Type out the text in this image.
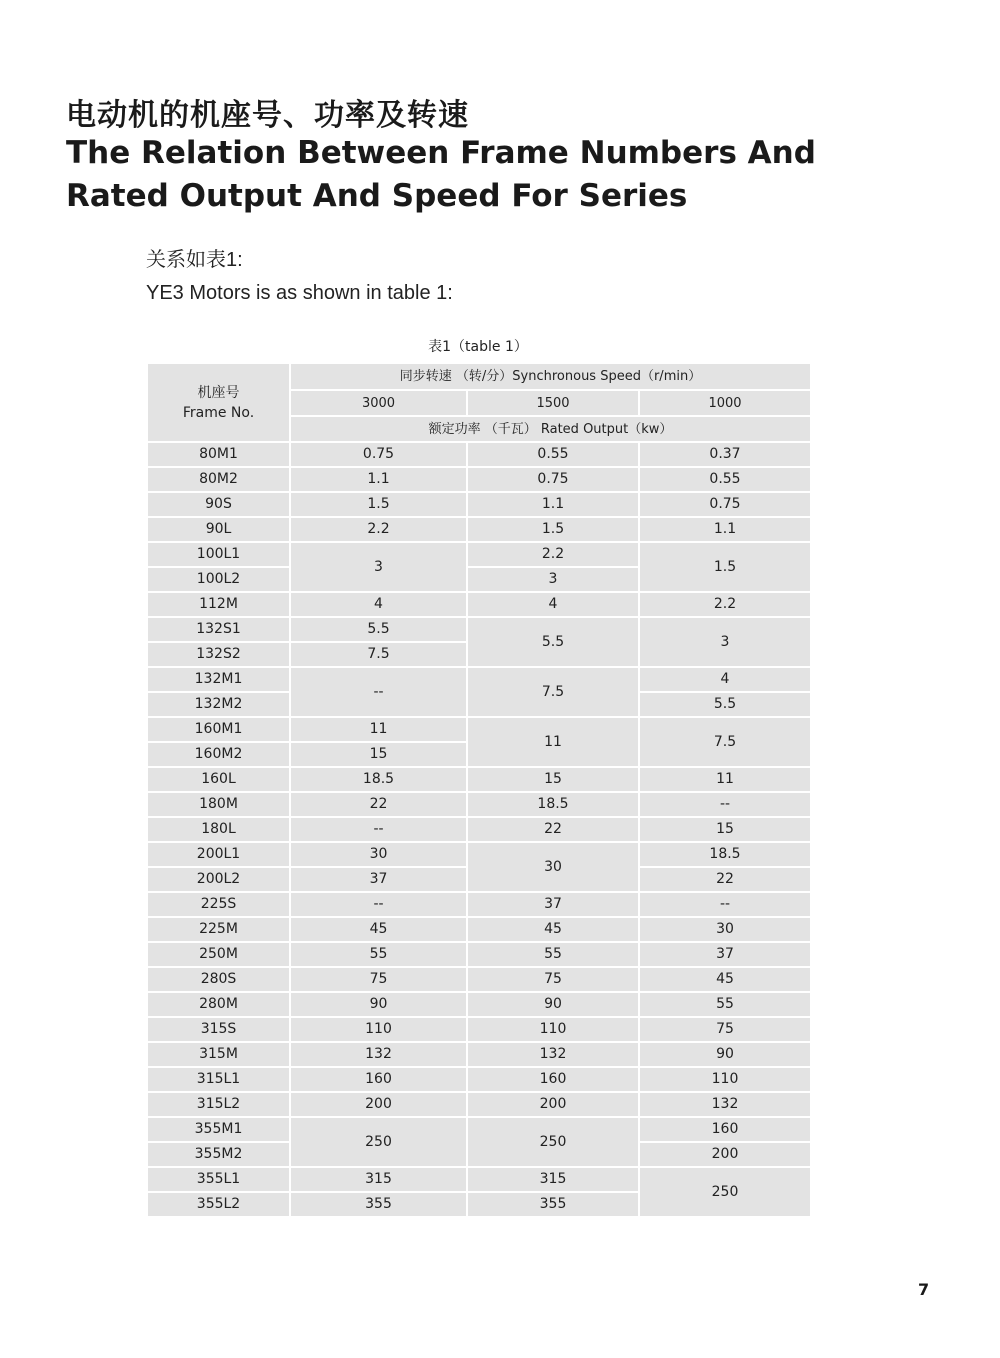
电动机的机座号、功率及转速
The Relation Between Frame Numbers And
Rated Output And Speed For Series
关系如表1:
YE3 Motors is as shown in table 1:
表1（table 1）
机座号
Frame No.	同步转速 （转/分）Synchronous Speed（r/min）		
	3000	1500	1000
	额定功率 （千瓦） Rated Output（kw）		
80M1	0.75	0.55	0.37
80M2	1.1	0.75	0.55
90S	1.5	1.1	0.75
90L	2.2	1.5	1.1
100L1	3	2.2	1.5
100L2		3	
112M	4	4	2.2
132S1	5.5	5.5	3
132S2	7.5		
132M1	--	7.5	4
132M2			5.5
160M1	11	11	7.5
160M2	15		
160L	18.5	15	11
180M	22	18.5	--
180L	--	22	15
200L1	30	30	18.5
200L2	37		22
225S	--	37	--
225M	45	45	30
250M	55	55	37
280S	75	75	45
280M	90	90	55
315S	110	110	75
315M	132	132	90
315L1	160	160	110
315L2	200	200	132
355M1	250	250	160
355M2			200
355L1	315	315	250
355L2	355	355	
7
